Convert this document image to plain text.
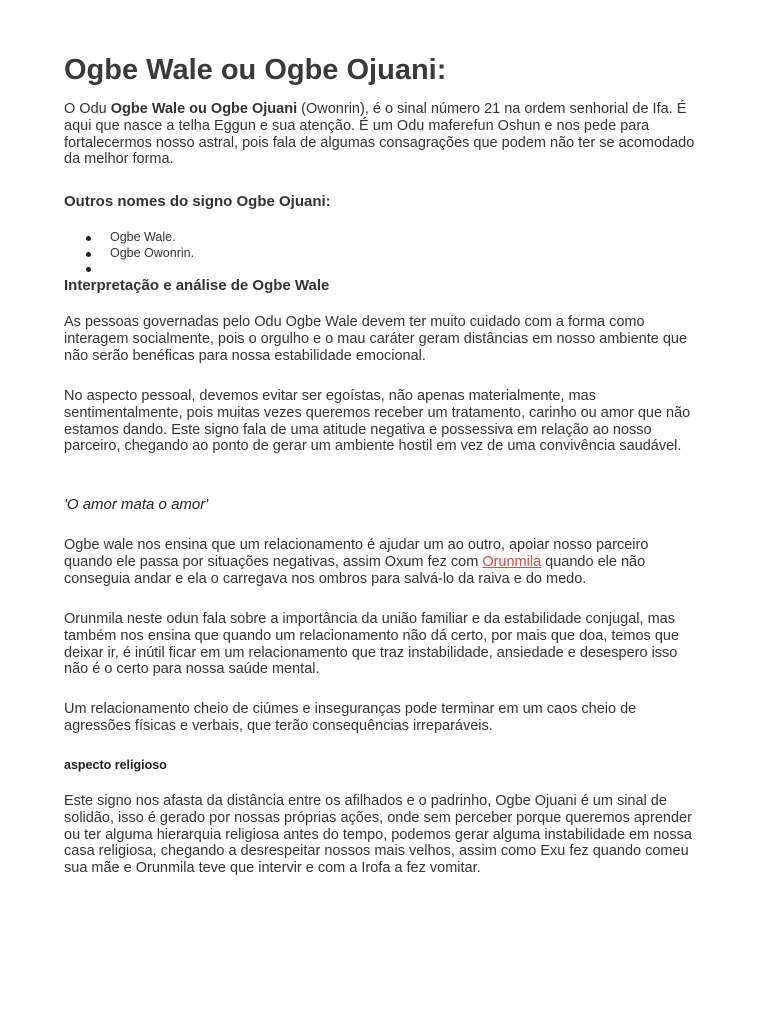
Ogbe Wale ou Ogbe Ojuani:

O Odu Ogbe Wale ou Ogbe Ojuani (Owonrin), é o sinal número 21 na ordem senhorial de Ifa. É aqui que nasce a telha Eggun e sua atenção. É um Odu maferefun Oshun e nos pede para fortalecermos nosso astral, pois fala de algumas consagrações que podem não ter se acomodado da melhor forma.

Outros nomes do signo Ogbe Ojuani:
Ogbe Wale.
Ogbe Owonrin.
Interpretação e análise de Ogbe Wale

As pessoas governadas pelo Odu Ogbe Wale devem ter muito cuidado com a forma como interagem socialmente, pois o orgulho e o mau caráter geram distâncias em nosso ambiente que não serão benéficas para nossa estabilidade emocional.

No aspecto pessoal, devemos evitar ser egoístas, não apenas materialmente, mas sentimentalmente, pois muitas vezes queremos receber um tratamento, carinho ou amor que não estamos dando. Este signo fala de uma atitude negativa e possessiva em relação ao nosso parceiro, chegando ao ponto de gerar um ambiente hostil em vez de uma convivência saudável.

'O amor mata o amor'

Ogbe wale nos ensina que um relacionamento é ajudar um ao outro, apoiar nosso parceiro quando ele passa por situações negativas, assim Oxum fez com Orunmila quando ele não conseguia andar e ela o carregava nos ombros para salvá-lo da raiva e do medo.

Orunmila neste odun fala sobre a importância da união familiar e da estabilidade conjugal, mas também nos ensina que quando um relacionamento não dá certo, por mais que doa, temos que deixar ir, é inútil ficar em um relacionamento que traz instabilidade, ansiedade e desespero isso não é o certo para nossa saúde mental.

Um relacionamento cheio de ciúmes e inseguranças pode terminar em um caos cheio de agressões físicas e verbais, que terão consequências irreparáveis.

aspecto religioso

Este signo nos afasta da distância entre os afilhados e o padrinho, Ogbe Ojuani é um sinal de solidão, isso é gerado por nossas próprias ações, onde sem perceber porque queremos aprender ou ter alguma hierarquia religiosa antes do tempo, podemos gerar alguma instabilidade em nossa casa religiosa, chegando a desrespeitar nossos mais velhos, assim como Exu fez quando comeu sua mãe e Orunmila teve que intervir e com a Irofa a fez vomitar.
